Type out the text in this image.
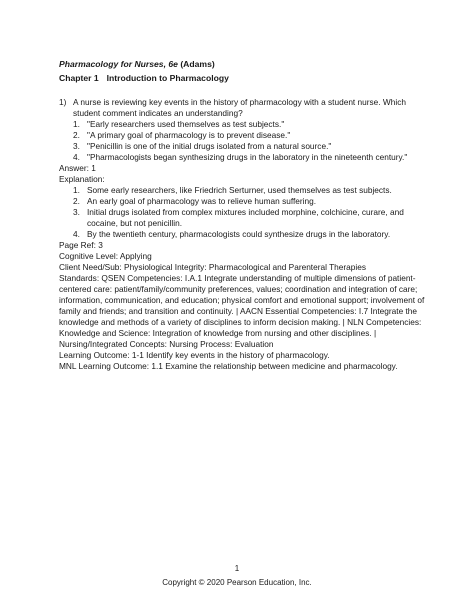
Pharmacology for Nurses, 6e (Adams)

Chapter 1 Introduction to Pharmacology

1) A nurse is reviewing key events in the history of pharmacology with a student nurse. Which student comment indicates an understanding?
1. "Early researchers used themselves as test subjects."
2. "A primary goal of pharmacology is to prevent disease."
3. "Penicillin is one of the initial drugs isolated from a natural source."
4. "Pharmacologists began synthesizing drugs in the laboratory in the nineteenth century."

Answer: 1

Explanation:

1. Some early researchers, like Friedrich Serturner, used themselves as test subjects.
2. An early goal of pharmacology was to relieve human suffering.
3. Initial drugs isolated from complex mixtures included morphine, colchicine, curare, and cocaine, but not penicillin.
4. By the twentieth century, pharmacologists could synthesize drugs in the laboratory.

Page Ref: 3

Cognitive Level: Applying

Client Need/Sub: Physiological Integrity: Pharmacological and Parenteral Therapies

Standards: QSEN Competencies: I.A.1 Integrate understanding of multiple dimensions of patient-centered care: patient/family/community preferences, values; coordination and integration of care; information, communication, and education; physical comfort and emotional support; involvement of family and friends; and transition and continuity. | AACN Essential Competencies: I.7 Integrate the knowledge and methods of a variety of disciplines to inform decision making. | NLN Competencies: Knowledge and Science: Integration of knowledge from nursing and other disciplines. | Nursing/Integrated Concepts: Nursing Process: Evaluation

Learning Outcome: 1-1 Identify key events in the history of pharmacology.

MNL Learning Outcome: 1.1 Examine the relationship between medicine and pharmacology.

1
Copyright © 2020 Pearson Education, Inc.
